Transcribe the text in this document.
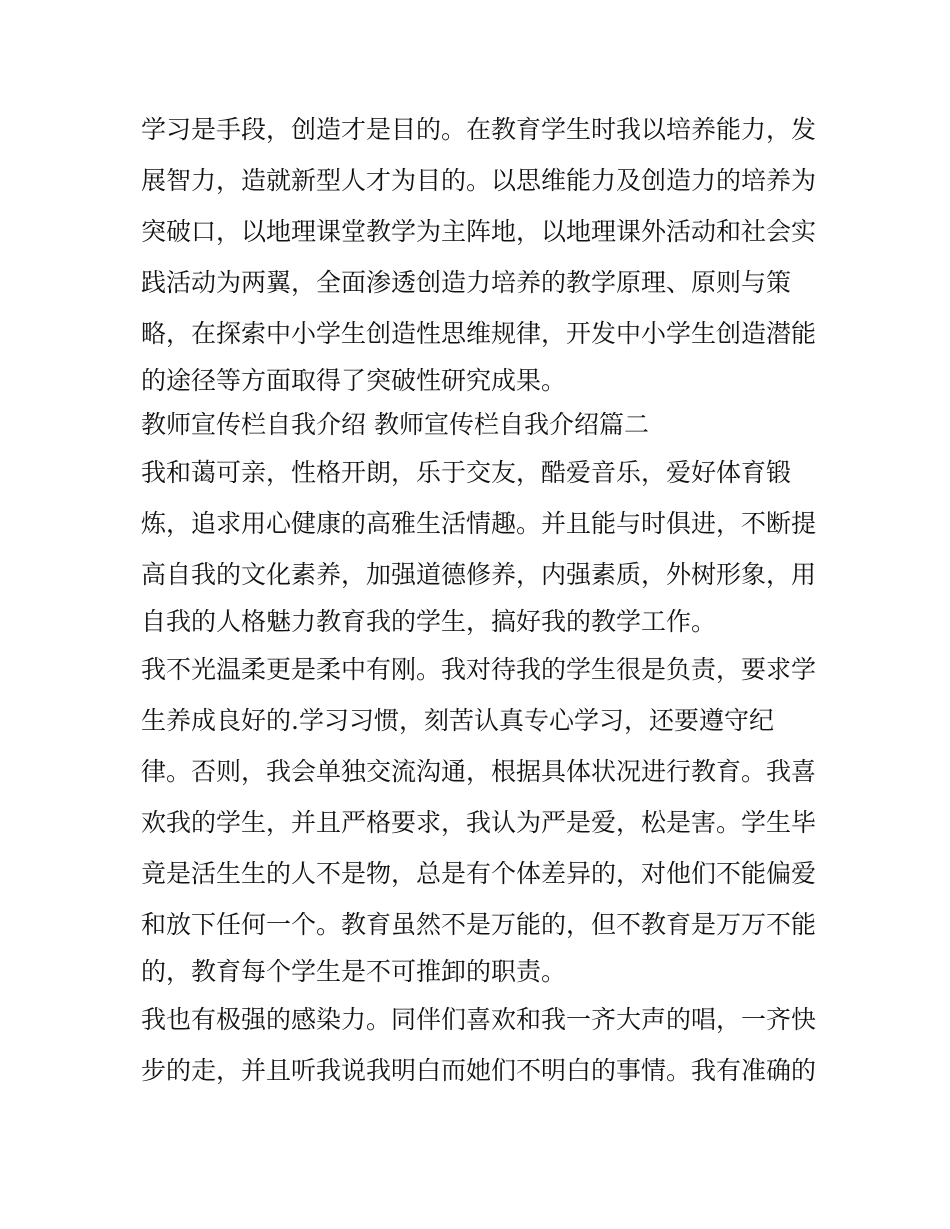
学习是手段，创造才是目的。在教育学生时我以培养能力，发
展智力，造就新型人才为目的。以思维能力及创造力的培养为
突破口，以地理课堂教学为主阵地，以地理课外活动和社会实
践活动为两翼，全面渗透创造力培养的教学原理、原则与策
略，在探索中小学生创造性思维规律，开发中小学生创造潜能
的途径等方面取得了突破性研究成果。
教师宣传栏自我介绍 教师宣传栏自我介绍篇二
我和蔼可亲，性格开朗，乐于交友，酷爱音乐，爱好体育锻
炼，追求用心健康的高雅生活情趣。并且能与时俱进，不断提
高自我的文化素养，加强道德修养，内强素质，外树形象，用
自我的人格魅力教育我的学生，搞好我的教学工作。
我不光温柔更是柔中有刚。我对待我的学生很是负责，要求学
生养成良好的.学习习惯，刻苦认真专心学习，还要遵守纪
律。否则，我会单独交流沟通，根据具体状况进行教育。我喜
欢我的学生，并且严格要求，我认为严是爱，松是害。学生毕
竟是活生生的人不是物，总是有个体差异的，对他们不能偏爱
和放下任何一个。教育虽然不是万能的，但不教育是万万不能
的，教育每个学生是不可推卸的职责。
我也有极强的感染力。同伴们喜欢和我一齐大声的唱，一齐快
步的走，并且听我说我明白而她们不明白的事情。我有准确的
